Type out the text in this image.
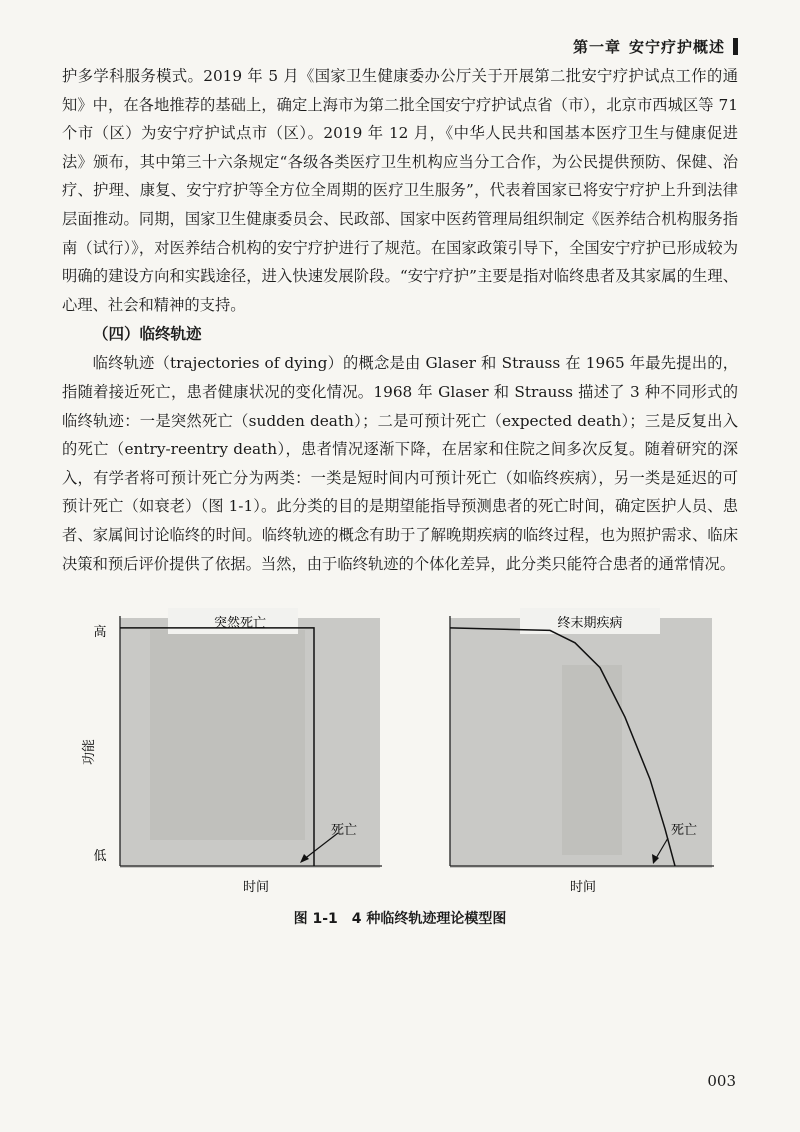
第一章 安宁疗护概述

护多学科服务模式。2019 年 5 月《国家卫生健康委办公厅关于开展第二批安宁疗护试点工作的通知》中，在各地推荐的基础上，确定上海市为第二批全国安宁疗护试点省（市），北京市西城区等 71 个市（区）为安宁疗护试点市（区）。2019 年 12 月，《中华人民共和国基本医疗卫生与健康促进法》颁布，其中第三十六条规定“各级各类医疗卫生机构应当分工合作，为公民提供预防、保健、治疗、护理、康复、安宁疗护等全方位全周期的医疗卫生服务”，代表着国家已将安宁疗护上升到法律层面推动。同期，国家卫生健康委员会、民政部、国家中医药管理局组织制定《医养结合机构服务指南（试行）》，对医养结合机构的安宁疗护进行了规范。在国家政策引导下，全国安宁疗护已形成较为明确的建设方向和实践途径，进入快速发展阶段。“安宁疗护”主要是指对临终患者及其家属的生理、心理、社会和精神的支持。

（四）临终轨迹

临终轨迹（trajectories of dying）的概念是由 Glaser 和 Strauss 在 1965 年最先提出的，指随着接近死亡，患者健康状况的变化情况。1968 年 Glaser 和 Strauss 描述了 3 种不同形式的临终轨迹：一是突然死亡（sudden death）；二是可预计死亡（expected death）；三是反复出入的死亡（entry-reentry death），患者情况逐渐下降，在居家和住院之间多次反复。随着研究的深入，有学者将可预计死亡分为两类：一类是短时间内可预计死亡（如临终疾病），另一类是延迟的可预计死亡（如衰老）（图 1-1）。此分类的目的是期望能指导预测患者的死亡时间，确定医护人员、患者、家属间讨论临终的时间。临终轨迹的概念有助于了解晚期疾病的临终过程，也为照护需求、临床决策和预后评价提供了依据。当然，由于临终轨迹的个体化差异，此分类只能符合患者的通常情况。

高
功能
低
突然死亡
死亡
时间
终末期疾病
死亡
时间
图 1-1 4 种临终轨迹理论模型图
003
